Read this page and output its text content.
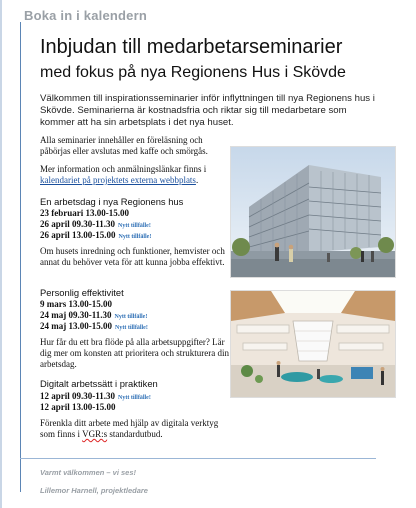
Boka in i kalendern
Inbjudan till medarbetarseminarier
med fokus på nya Regionens Hus i Skövde
Välkommen till inspirationsseminarier inför inflyttningen till nya Regionens hus i Skövde. Seminarierna är kostnadsfria och riktar sig till medarbetare som kommer att ha sin arbetsplats i det nya huset.

Alla seminarier innehåller en föreläsning och påbörjas eller avslutas med kaffe och smörgås.

Mer information och anmälningslänkar finns i kalendariet på projektets externa webbplats.

En arbetsdag i nya Regionens hus
23 februari 13.00-15.00
26 april 09.30-11.30 Nytt tillfälle!
26 april 13.00-15.00 Nytt tillfälle!
Om husets inredning och funktioner, hemvister och annat du behöver veta för att kunna jobba effektivt.
Personlig effektivitet
9 mars 13.00-15.00
24 maj 09.30-11.30 Nytt tillfälle!
24 maj 13.00-15.00 Nytt tillfälle!
Hur får du ett bra flöde på alla arbetsuppgifter? Lär dig mer om konsten att prioritera och strukturera din arbetsdag.
Digitalt arbetssätt i praktiken
12 april 09.30-11.30 Nytt tillfälle!
12 april 13.00-15.00
Förenkla ditt arbete med hjälp av digitala verktyg som finns i VGR:s standardutbud.
Varmt välkommen – vi ses!
Lillemor Harnell, projektledare
